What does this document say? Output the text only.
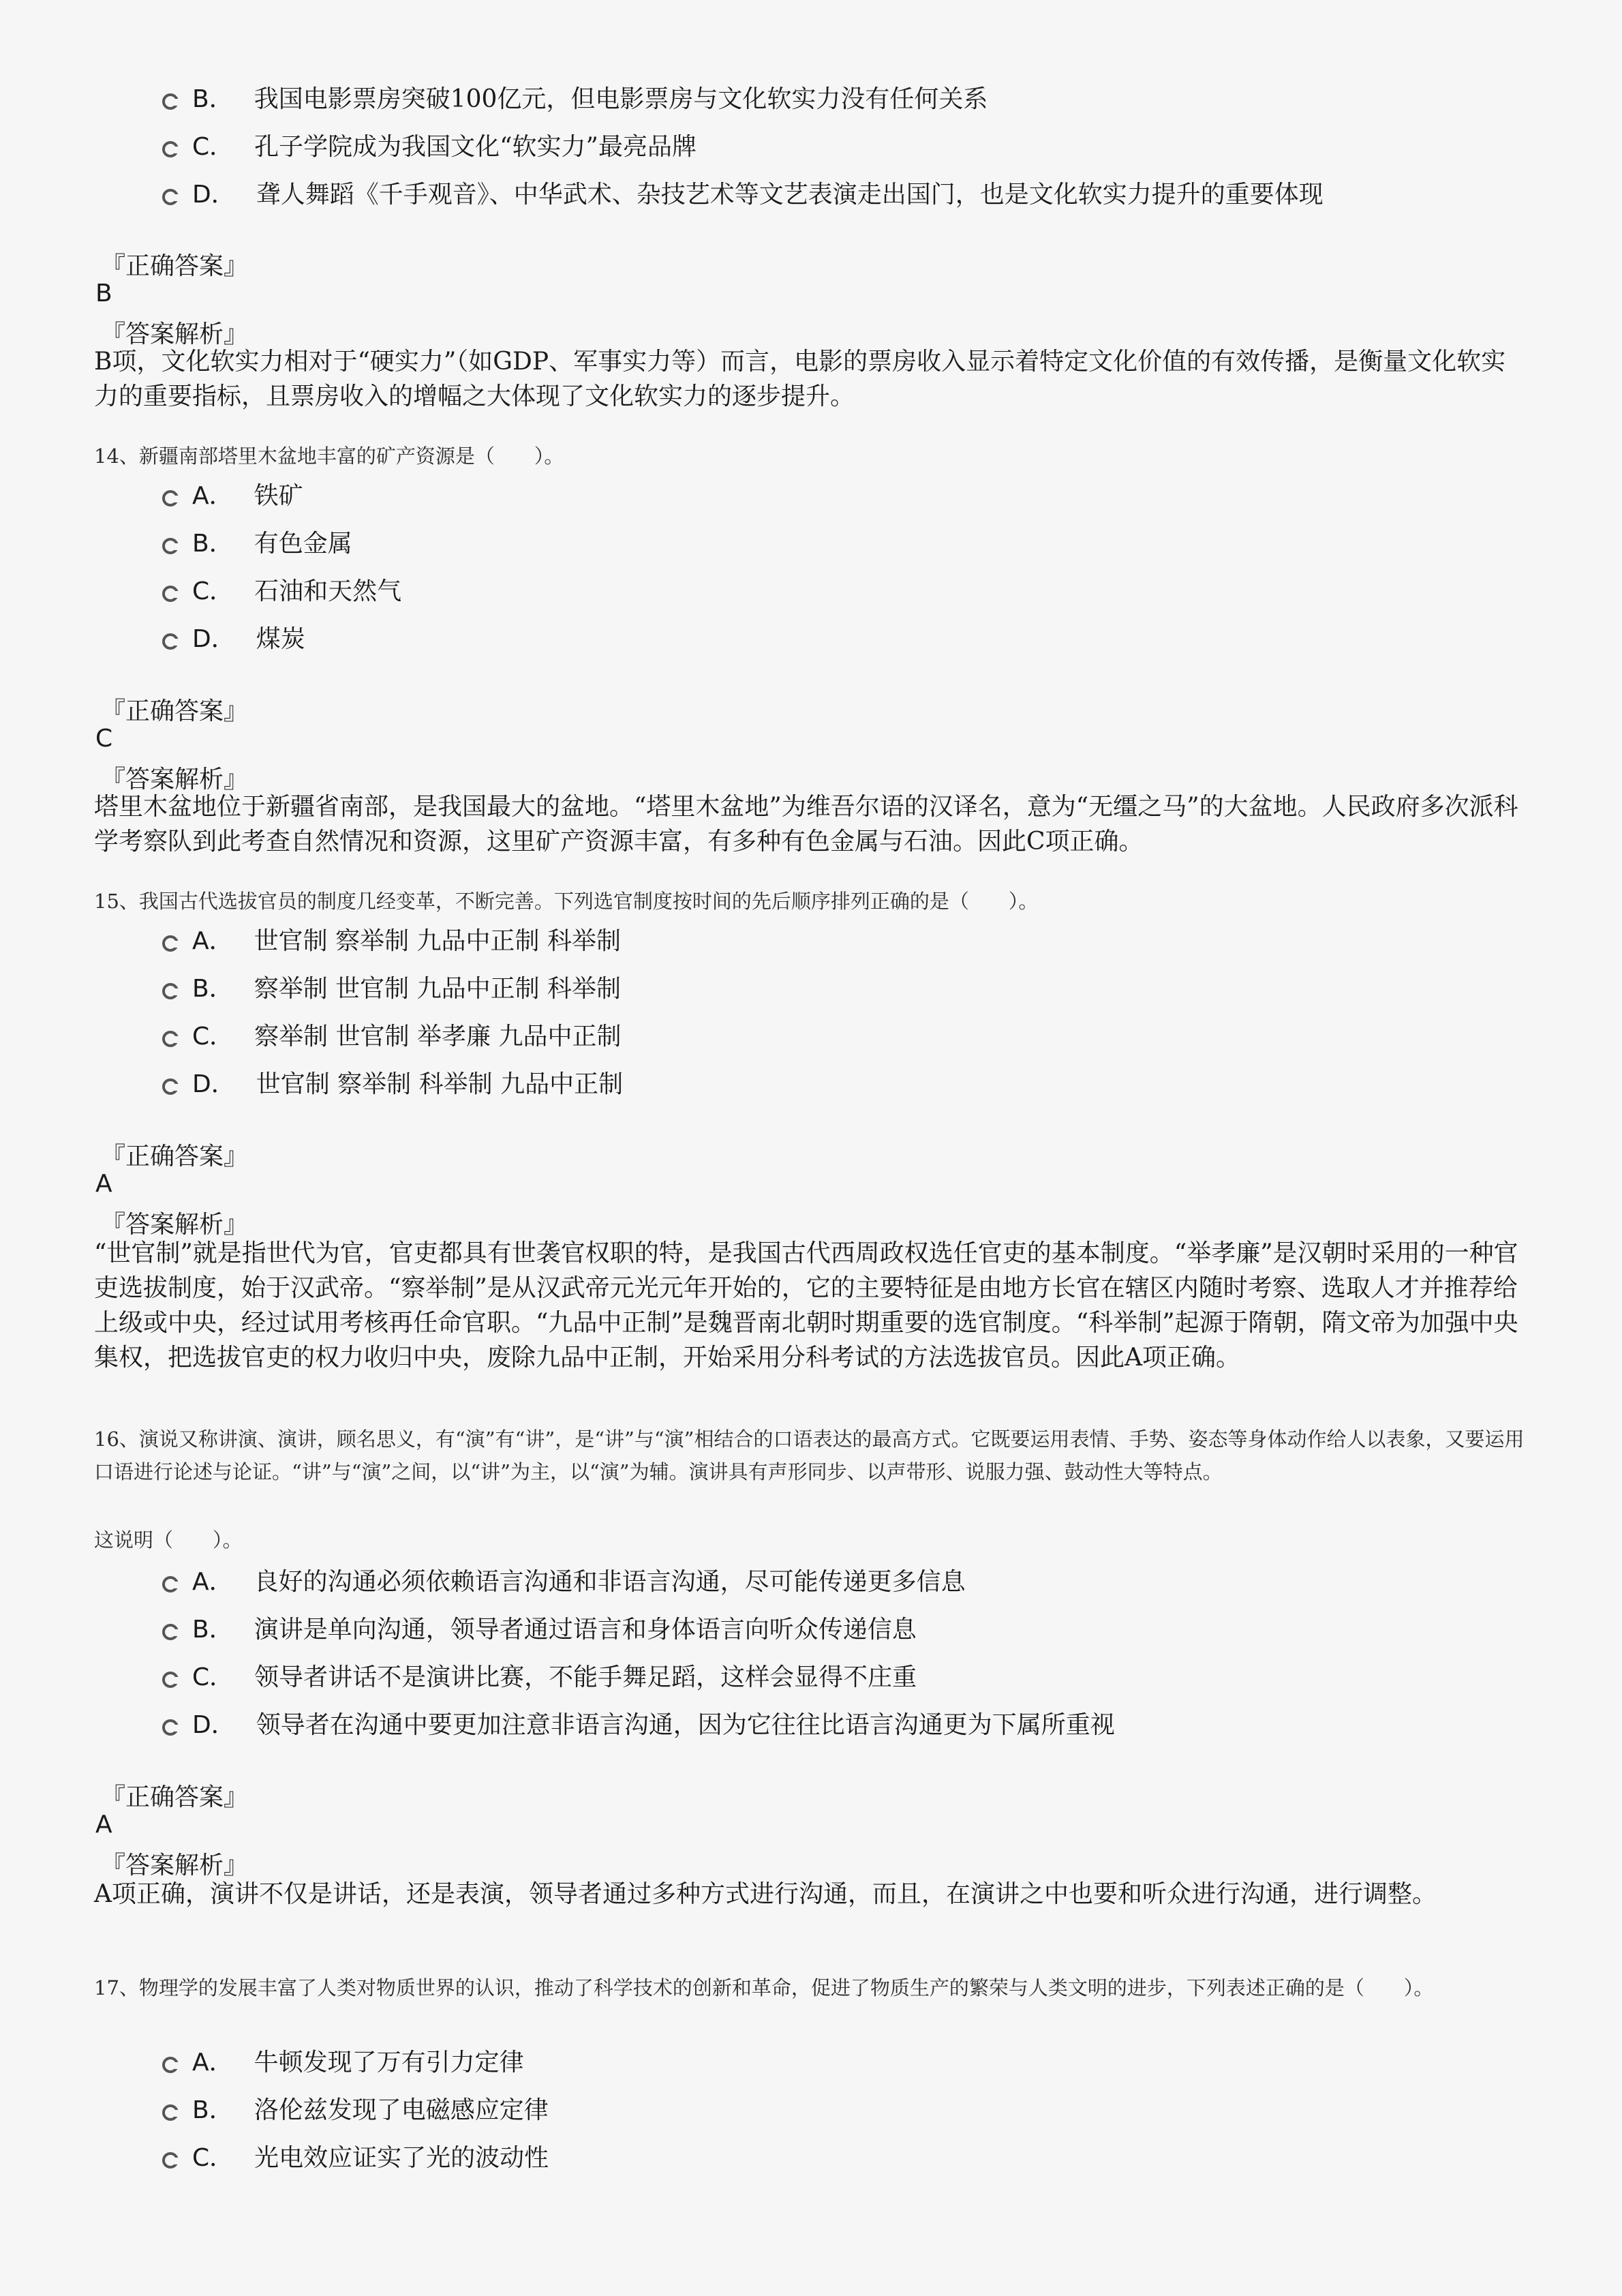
B． 我国电影票房突破100亿元，但电影票房与文化软实力没有任何关系
C． 孔子学院成为我国文化“软实力”最亮品牌
D． 聋人舞蹈《千手观音》、中华武术、杂技艺术等文艺表演走出国门，也是文化软实力提升的重要体现
『正确答案』
B
『答案解析』
B项，文化软实力相对于“硬实力”（如GDP、军事实力等）而言，电影的票房收入显示着特定文化价值的有效传播，是衡量文化软实力的重要指标，且票房收入的增幅之大体现了文化软实力的逐步提升。
14、新疆南部塔里木盆地丰富的矿产资源是（　　）。
A． 铁矿
B． 有色金属
C． 石油和天然气
D． 煤炭
『正确答案』
C
『答案解析』
塔里木盆地位于新疆省南部，是我国最大的盆地。“塔里木盆地”为维吾尔语的汉译名，意为“无缰之马”的大盆地。人民政府多次派科学考察队到此考查自然情况和资源，这里矿产资源丰富，有多种有色金属与石油。因此C项正确。
15、我国古代选拔官员的制度几经变革，不断完善。下列选官制度按时间的先后顺序排列正确的是（　　）。
A． 世官制 察举制 九品中正制 科举制
B． 察举制 世官制 九品中正制 科举制
C． 察举制 世官制 举孝廉 九品中正制
D． 世官制 察举制 科举制 九品中正制
『正确答案』
A
『答案解析』
“世官制”就是指世代为官，官吏都具有世袭官权职的特，是我国古代西周政权选任官吏的基本制度。“举孝廉”是汉朝时采用的一种官吏选拔制度，始于汉武帝。“察举制”是从汉武帝元光元年开始的，它的主要特征是由地方长官在辖区内随时考察、选取人才并推荐给上级或中央，经过试用考核再任命官职。“九品中正制”是魏晋南北朝时期重要的选官制度。“科举制”起源于隋朝，隋文帝为加强中央集权，把选拔官吏的权力收归中央，废除九品中正制，开始采用分科考试的方法选拔官员。因此A项正确。
16、演说又称讲演、演讲，顾名思义，有“演”有“讲”，是“讲”与“演”相结合的口语表达的最高方式。它既要运用表情、手势、姿态等身体动作给人以表象，又要运用口语进行论述与论证。“讲”与“演”之间，以“讲”为主，以“演”为辅。演讲具有声形同步、以声带形、说服力强、鼓动性大等特点。
这说明（　　）。
A． 良好的沟通必须依赖语言沟通和非语言沟通，尽可能传递更多信息
B． 演讲是单向沟通，领导者通过语言和身体语言向听众传递信息
C． 领导者讲话不是演讲比赛，不能手舞足蹈，这样会显得不庄重
D． 领导者在沟通中要更加注意非语言沟通，因为它往往比语言沟通更为下属所重视
『正确答案』
A
『答案解析』
A项正确，演讲不仅是讲话，还是表演，领导者通过多种方式进行沟通，而且，在演讲之中也要和听众进行沟通，进行调整。
17、物理学的发展丰富了人类对物质世界的认识，推动了科学技术的创新和革命，促进了物质生产的繁荣与人类文明的进步，下列表述正确的是（　　）。
A． 牛顿发现了万有引力定律
B． 洛伦兹发现了电磁感应定律
C． 光电效应证实了光的波动性
